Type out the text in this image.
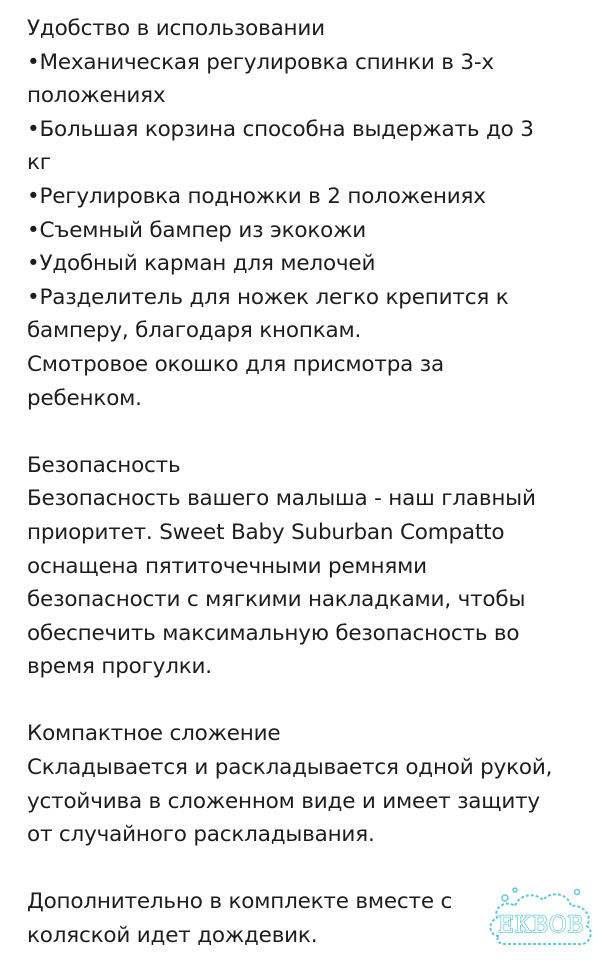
Удобство в использовании
•Механическая регулировка спинки в 3-х
положениях
•Большая корзина способна выдержать до 3
кг
•Регулировка подножки в 2 положениях
•Съемный бампер из экокожи
•Удобный карман для мелочей
•Разделитель для ножек легко крепится к
бамперу, благодаря кнопкам.
Смотровое окошко для присмотра за
ребенком.
Безопасность
Безопасность вашего малыша - наш главный
приоритет. Sweet Baby Suburban Compatto
оснащена пятиточечными ремнями
безопасности с мягкими накладками, чтобы
обеспечить максимальную безопасность во
время прогулки.
Компактное сложение
Складывается и раскладывается одной рукой,
устойчива в сложенном виде и имеет защиту
от случайного раскладывания.
Дополнительно в комплекте вместе с
коляской идет дождевик.	ЕКВОВ
